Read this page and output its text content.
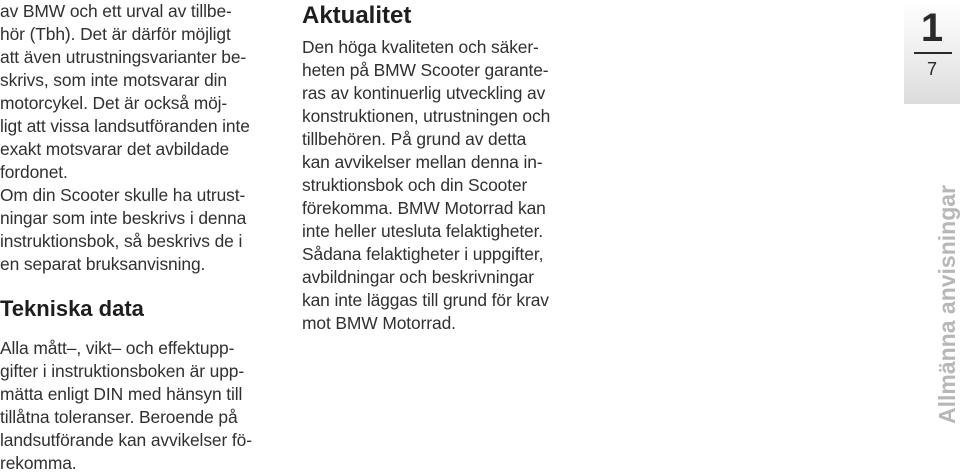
av BMW och ett urval av tillbe-
hör (Tbh). Det är därför möjligt
att även utrustningsvarianter be-
skrivs, som inte motsvarar din
motorcykel. Det är också möj-
ligt att vissa landsutföranden inte
exakt motsvarar det avbildade
fordonet.

Om din Scooter skulle ha utrust-
ningar som inte beskrivs i denna
instruktionsbok, så beskrivs de i
en separat bruksanvisning.

Tekniska data

Alla mått–, vikt– och effektupp-
gifter i instruktionsboken är upp-
mätta enligt DIN med hänsyn till
tillåtna toleranser. Beroende på
landsutförande kan avvikelser fö-
rekomma.

Aktualitet

Den höga kvaliteten och säker-
heten på BMW Scooter garante-
ras av kontinuerlig utveckling av
konstruktionen, utrustningen och
tillbehören. På grund av detta
kan avvikelser mellan denna in-
struktionsbok och din Scooter
förekomma. BMW Motorrad kan
inte heller utesluta felaktigheter.
Sådana felaktigheter i uppgifter,
avbildningar och beskrivningar
kan inte läggas till grund för krav
mot BMW Motorrad.

1
7
Allmänna anvisningar
